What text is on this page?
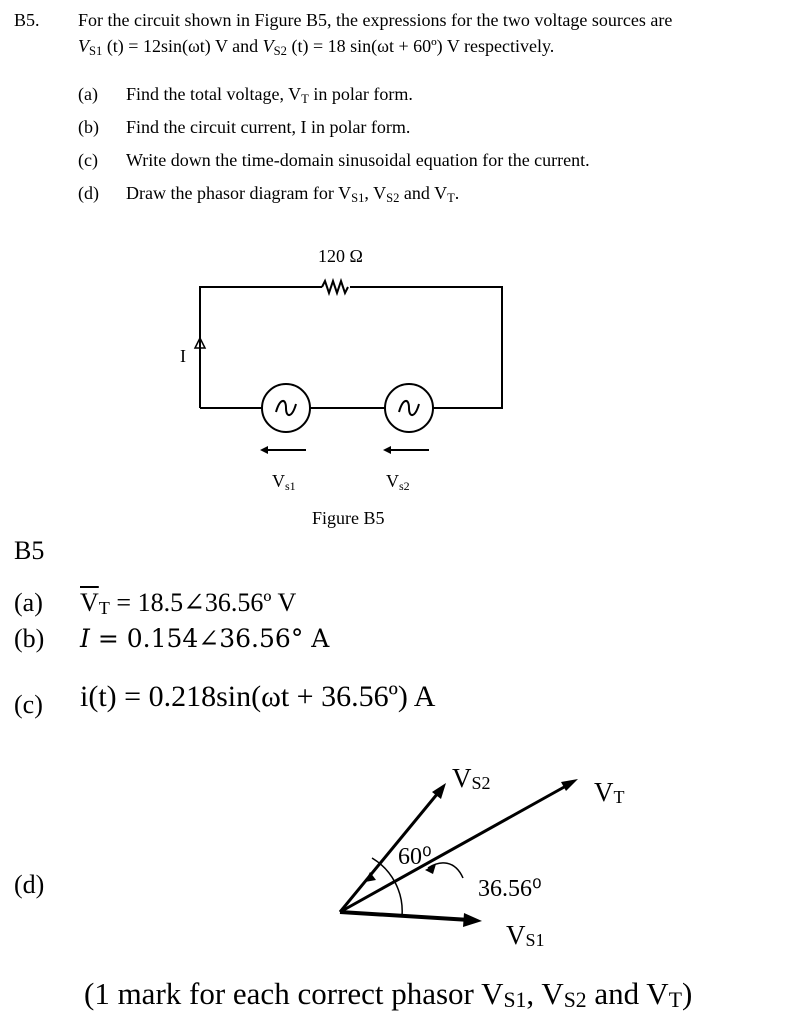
B5. For the circuit shown in Figure B5, the expressions for the two voltage sources are
$V_{S1}$ (t) = 12sin(ωt) V and $V_{S2}$ (t) = 18 sin(ωt + 60º) V respectively.
(a) Find the total voltage, $V_T$ in polar form.
(b) Find the circuit current, I in polar form.
(c) Write down the time-domain sinusoidal equation for the current.
(d) Draw the phasor diagram for $V_{S1}$, $V_{S2}$ and $V_T$.
120 Ω
I
Vs1	Vs2
Figure B5
B5
(a) $\overline{V}_T$ = 18.5∠36.56º V
(b) I = 0.154∠36.56° A
(c) i(t) = 0.218sin(ωt + 36.56º) A
(d)
VS2	VT
VS1
60⁰
36.56⁰
(1 mark for each correct phasor $V_{S1}$, $V_{S2}$ and $V_T$)
